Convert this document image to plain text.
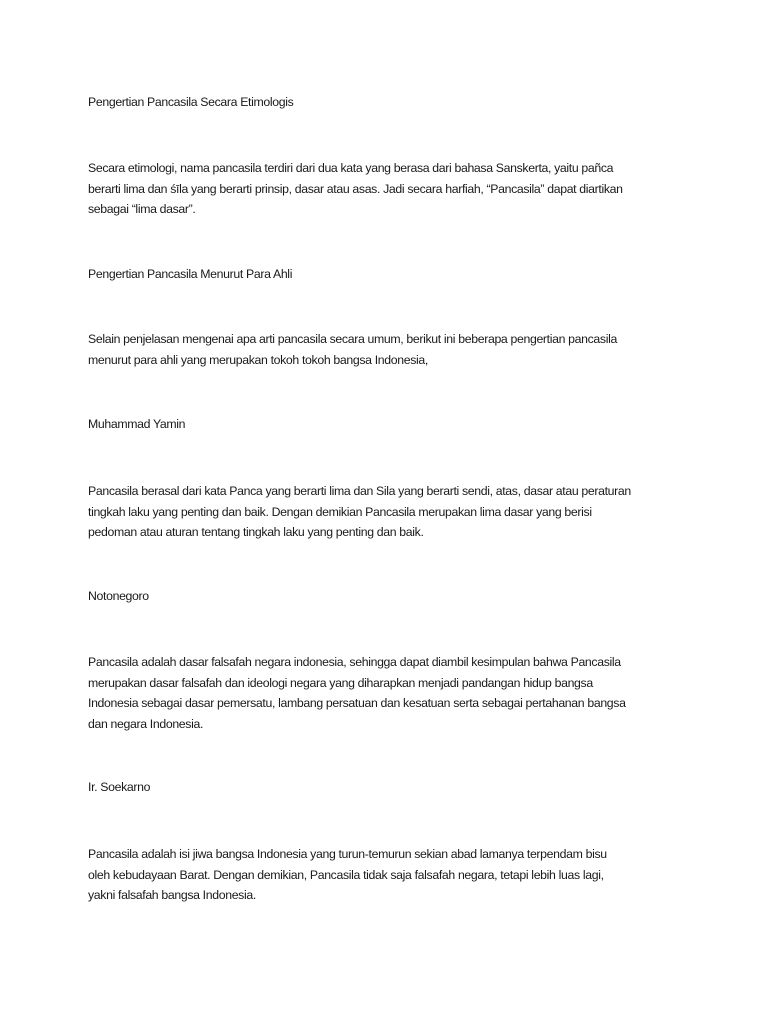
Pengertian Pancasila Secara Etimologis
Secara etimologi, nama pancasila terdiri dari dua kata yang berasa dari bahasa Sanskerta, yaitu pañca
berarti lima dan śīla yang berarti prinsip, dasar atau asas. Jadi secara harfiah, “Pancasila” dapat diartikan
sebagai “lima dasar”.
Pengertian Pancasila Menurut Para Ahli
Selain penjelasan mengenai apa arti pancasila secara umum, berikut ini beberapa pengertian pancasila
menurut para ahli yang merupakan tokoh tokoh bangsa Indonesia,
Muhammad Yamin
Pancasila berasal dari kata Panca yang berarti lima dan Sila yang berarti sendi, atas, dasar atau peraturan
tingkah laku yang penting dan baik. Dengan demikian Pancasila merupakan lima dasar yang berisi
pedoman atau aturan tentang tingkah laku yang penting dan baik.
Notonegoro
Pancasila adalah dasar falsafah negara indonesia, sehingga dapat diambil kesimpulan bahwa Pancasila
merupakan dasar falsafah dan ideologi negara yang diharapkan menjadi pandangan hidup bangsa
Indonesia sebagai dasar pemersatu, lambang persatuan dan kesatuan serta sebagai pertahanan bangsa
dan negara Indonesia.
Ir. Soekarno
Pancasila adalah isi jiwa bangsa Indonesia yang turun-temurun sekian abad lamanya terpendam bisu
oleh kebudayaan Barat. Dengan demikian, Pancasila tidak saja falsafah negara, tetapi lebih luas lagi,
yakni falsafah bangsa Indonesia.
